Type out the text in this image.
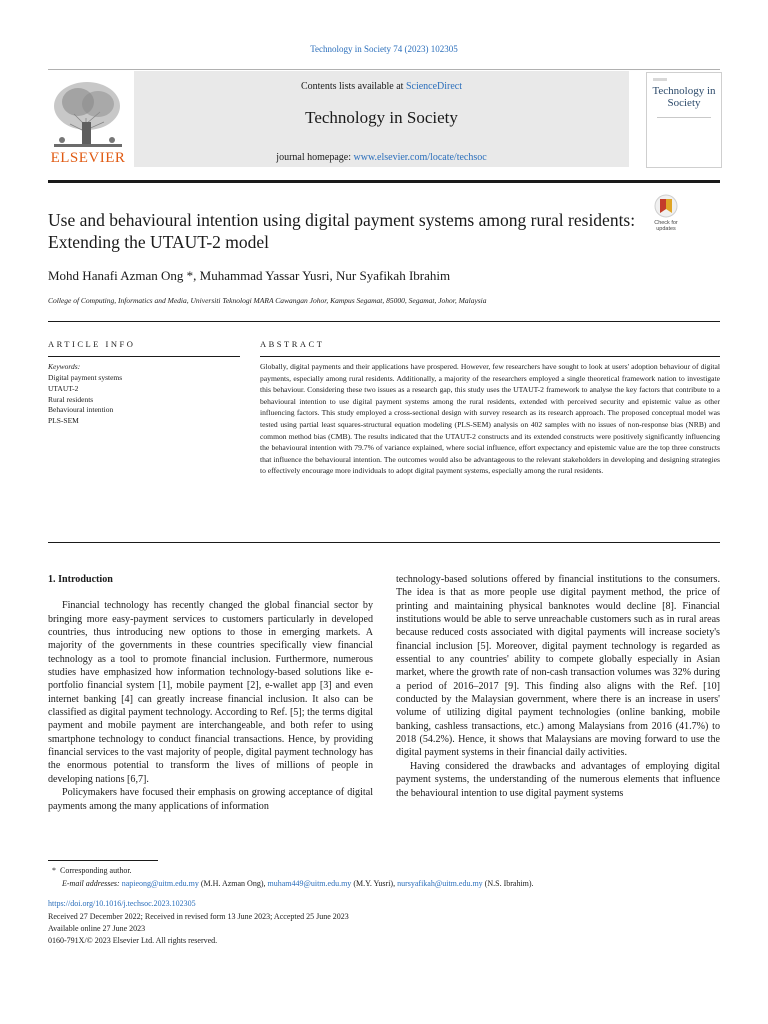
Technology in Society 74 (2023) 102305
ELSEVIER
Contents lists available at ScienceDirect
Technology in Society
journal homepage: www.elsevier.com/locate/techsoc
Technology in Society
Use and behavioural intention using digital payment systems among rural residents: Extending the UTAUT-2 model
Check for
updates
Mohd Hanafi Azman Ong *, Muhammad Yassar Yusri, Nur Syafikah Ibrahim
College of Computing, Informatics and Media, Universiti Teknologi MARA Cawangan Johor, Kampus Segamat, 85000, Segamat, Johor, Malaysia
ARTICLE INFO	ABSTRACT
Keywords:
Digital payment systems
UTAUT-2
Rural residents
Behavioural intention
PLS-SEM
Globally, digital payments and their applications have prospered. However, few researchers have sought to look at users' adoption behaviour of digital payments, especially among rural residents. Additionally, a majority of the researchers employed a single theoretical framework nation to investigate this behaviour. Considering these two issues as a research gap, this study uses the UTAUT-2 framework to analyse the key factors that contribute to a behavioural intention to use digital payment systems among the rural residents, extended with perceived security and epistemic value as other influencing factors. This study employed a cross-sectional design with survey research as its research approach. The proposed conceptual model was tested using partial least squares-structural equation modeling (PLS-SEM) analysis on 402 samples with no issues of non-response bias (NRB) and common method bias (CMB). The results indicated that the UTAUT-2 constructs and its extended constructs were positively significantly influencing the behavioural intention with 79.7% of variance explained, where social influence, effort expectancy and epistemic value are the top three constructs that influence the behavioural intention. The outcomes would also be advantageous to the relevant stakeholders in developing and designing strategies to effectively encourage more individuals to adopt digital payment systems, especially among the rural residents.
1. Introduction

Financial technology has recently changed the global financial sector by bringing more easy-payment services to customers particularly in developed countries, thus introducing new options to those in emerging markets. A majority of the governments in these countries specifically view financial technology as a tool to promote financial inclusion. Furthermore, numerous studies have emphasized how information technology-based solutions like e-portfolio financial system [1], mobile payment [2], e-wallet app [3] and even internet banking [4] can greatly increase financial inclusion. It also can be classified as digital payment technology. According to Ref. [5]; the terms digital payment and mobile payment are interchangeable, and both refer to using smartphone technology to conduct financial transactions. Hence, by providing financial services to the vast majority of people, digital payment technology has the enormous potential to transform the lives of millions of people in developing nations [6,7].

Policymakers have focused their emphasis on growing acceptance of digital payments among the many applications of information

technology-based solutions offered by financial institutions to the consumers. The idea is that as more people use digital payment method, the price of printing and maintaining physical banknotes would decline [8]. Financial institutions would be able to serve unreachable customers such as in rural areas because reduced costs associated with digital payments will increase society's financial inclusion [5]. Moreover, digital payment technology is regarded as essential to any countries' ability to compete globally especially in Asian market, where the growth rate of non-cash transaction volumes was 32% during a period of 2016–2017 [9]. This finding also aligns with the Ref. [10] conducted by the Malaysian government, where there is an increase in users' volume of utilizing digital payment technologies (online banking, mobile banking, cashless transactions, etc.) among Malaysians from 2016 (41.7%) to 2018 (54.2%). Hence, it shows that Malaysians are moving forward to use the digital payment systems in their financial daily activities.

Having considered the drawbacks and advantages of employing digital payment systems, the understanding of the numerous elements that influence the behavioural intention to use digital payment systems

*  Corresponding author.
E-mail addresses: napieong@uitm.edu.my (M.H. Azman Ong), muham449@uitm.edu.my (M.Y. Yusri), nursyafikah@uitm.edu.my (N.S. Ibrahim).
https://doi.org/10.1016/j.techsoc.2023.102305
Received 27 December 2022; Received in revised form 13 June 2023; Accepted 25 June 2023
Available online 27 June 2023
0160-791X/© 2023 Elsevier Ltd. All rights reserved.
